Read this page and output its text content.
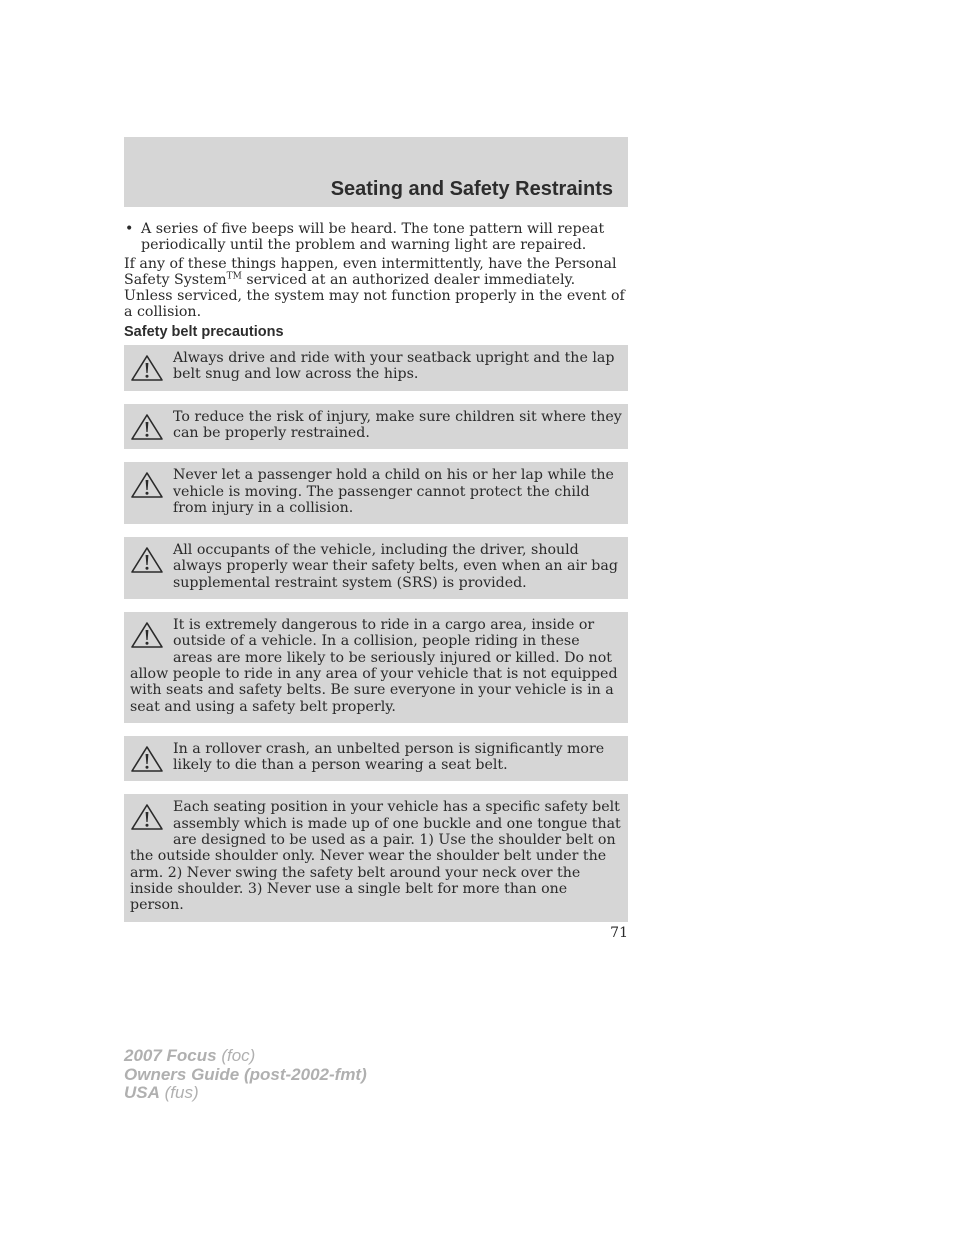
Seating and Safety Restraints
• A series of five beeps will be heard. The tone pattern will repeat periodically until the problem and warning light are repaired.

If any of these things happen, even intermittently, have the Personal Safety System™ serviced at an authorized dealer immediately. Unless serviced, the system may not function properly in the event of a collision.

Safety belt precautions
Always drive and ride with your seatback upright and the lap belt snug and low across the hips.
To reduce the risk of injury, make sure children sit where they can be properly restrained.
Never let a passenger hold a child on his or her lap while the vehicle is moving. The passenger cannot protect the child from injury in a collision.
All occupants of the vehicle, including the driver, should always properly wear their safety belts, even when an air bag supplemental restraint system (SRS) is provided.
It is extremely dangerous to ride in a cargo area, inside or outside of a vehicle. In a collision, people riding in these areas are more likely to be seriously injured or killed. Do not allow people to ride in any area of your vehicle that is not equipped with seats and safety belts. Be sure everyone in your vehicle is in a seat and using a safety belt properly.
In a rollover crash, an unbelted person is significantly more likely to die than a person wearing a seat belt.
Each seating position in your vehicle has a specific safety belt assembly which is made up of one buckle and one tongue that are designed to be used as a pair. 1) Use the shoulder belt on the outside shoulder only. Never wear the shoulder belt under the arm. 2) Never swing the safety belt around your neck over the inside shoulder. 3) Never use a single belt for more than one person.
71
2007 Focus (foc)
Owners Guide (post-2002-fmt)
USA (fus)
